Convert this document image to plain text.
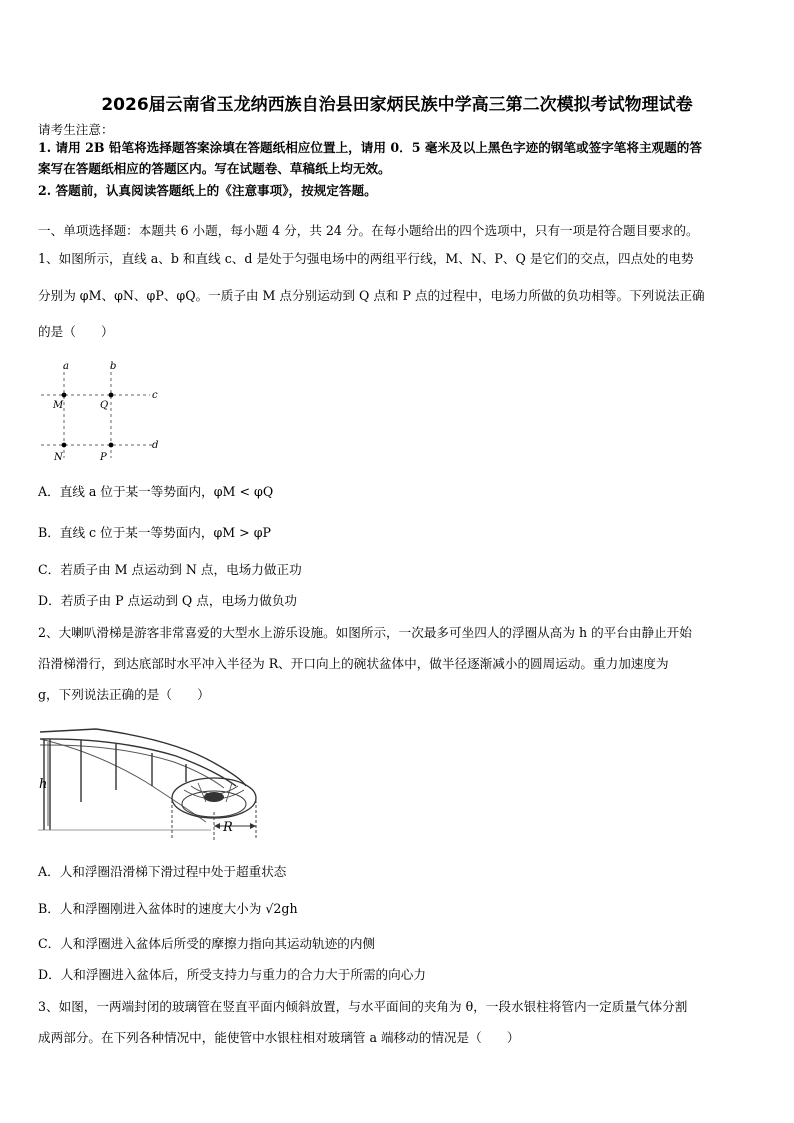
2026届云南省玉龙纳西族自治县田家炳民族中学高三第二次模拟考试物理试卷
请考生注意：
1. 请用 2B 铅笔将选择题答案涂填在答题纸相应位置上，请用 0．5 毫米及以上黑色字迹的钢笔或签字笔将主观题的答
案写在答题纸相应的答题区内。写在试题卷、草稿纸上均无效。
2. 答题前，认真阅读答题纸上的《注意事项》，按规定答题。
一、单项选择题：本题共 6 小题，每小题 4 分，共 24 分。在每小题给出的四个选项中，只有一项是符合题目要求的。
1、如图所示，直线 a、b 和直线 c、d 是处于匀强电场中的两组平行线，M、N、P、Q 是它们的交点，四点处的电势
分别为 φM、φN、φP、φQ。一质子由 M 点分别运动到 Q 点和 P 点的过程中，电场力所做的负功相等。下列说法正确
的是（　　）
a	b
c
d
M	Q
N	P
A．直线 a 位于某一等势面内，φM < φQ
B．直线 c 位于某一等势面内，φM > φP
C．若质子由 M 点运动到 N 点，电场力做正功
D．若质子由 P 点运动到 Q 点，电场力做负功
2、大喇叭滑梯是游客非常喜爱的大型水上游乐设施。如图所示，一次最多可坐四人的浮圈从高为 h 的平台由静止开始
沿滑梯滑行，到达底部时水平冲入半径为 R、开口向上的碗状盆体中，做半径逐渐减小的圆周运动。重力加速度为
g，下列说法正确的是（　　）
h
R
A．人和浮圈沿滑梯下滑过程中处于超重状态
B．人和浮圈刚进入盆体时的速度大小为 √2gh
C．人和浮圈进入盆体后所受的摩擦力指向其运动轨迹的内侧
D．人和浮圈进入盆体后，所受支持力与重力的合力大于所需的向心力
3、如图，一两端封闭的玻璃管在竖直平面内倾斜放置，与水平面间的夹角为 θ，一段水银柱将管内一定质量气体分割
成两部分。在下列各种情况中，能使管中水银柱相对玻璃管 a 端移动的情况是（　　）
